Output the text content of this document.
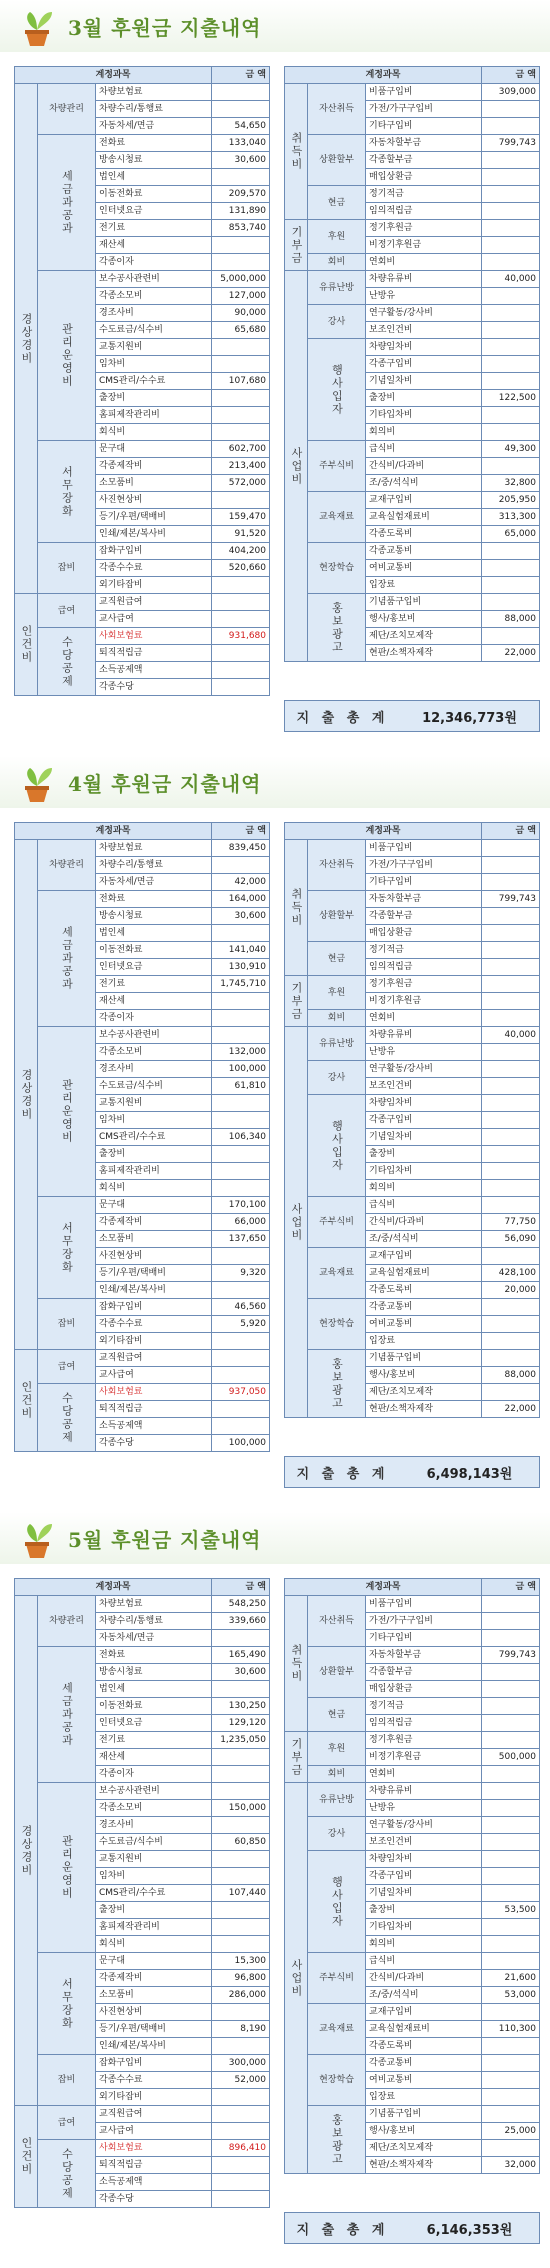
3월 후원금 지출내역
계정과목			금 액
경상경비	차량관리	차량보험료	
		차량수리/통행료	
		자동차세/면금	54,650
	세금과공과	전화료	133,040
		방송시청료	30,600
		법인세	
		이동전화료	209,570
		인터넷요금	131,890
		전기료	853,740
		재산세	
		각종이자	
	관리운영비	보수공사관련비	5,000,000
		각종소모비	127,000
		경조사비	90,000
		수도료금/식수비	65,680
		교통지원비	
		임차비	
		CMS관리/수수료	107,680
		출장비	
		홈피제작관리비	
		회식비	
	서무장화	문구대	602,700
		각종제작비	213,400
		소모품비	572,000
		사진현상비	
		등기/우편/택배비	159,470
		인쇄/제본/복사비	91,520
	잡비	잡화구입비	404,200
		각종수수료	520,660
		외기타잡비	
인건비	급여	교직원급여	
		교사급여	
	수당공제	사회보험료	931,680
		퇴직적립금	
		소득공제액	
		각종수당	
계정과목			금 액
취득비	자산취득	비품구입비	309,000
		가전/가구구입비	
		기타구입비	
	상환할부	자동차할부금	799,743
		각종할부금	
		매입상환금	
	현금	정기적금	
		임의적립금	
기부금	후원	정기후원금	
		비정기후원금	
	회비	연회비	
사업비	유류난방	차량유류비	40,000
		난방유	
	강사	연구활동/강사비	
		보조인건비	
	행사입자	차량임차비	
		각종구입비	
		기념일차비	
		출장비	122,500
		기타입차비	
		회의비	
	주부식비	급식비	49,300
		간식비/다과비	
		조/중/석식비	32,800
	교육재료	교재구입비	205,950
		교육실험재료비	313,300
		각종도록비	65,000
	현장학습	각종교통비	
		여비교통비	
		입장료	
	홍보광고	기념품구입비	
		행사/홍보비	88,000
		제단/조치모제작	
		현판/소책자제작	22,000
지 출 총 계	12,346,773원
4월 후원금 지출내역
계정과목			금 액
경상경비	차량관리	차량보험료	839,450
		차량수리/통행료	
		자동차세/면금	42,000
	세금과공과	전화료	164,000
		방송시청료	30,600
		법인세	
		이동전화료	141,040
		인터넷요금	130,910
		전기료	1,745,710
		재산세	
		각종이자	
	관리운영비	보수공사관련비	
		각종소모비	132,000
		경조사비	100,000
		수도료금/식수비	61,810
		교통지원비	
		임차비	
		CMS관리/수수료	106,340
		출장비	
		홈피제작관리비	
		회식비	
	서무장화	문구대	170,100
		각종제작비	66,000
		소모품비	137,650
		사진현상비	
		등기/우편/택배비	9,320
		인쇄/제본/복사비	
	잡비	잡화구입비	46,560
		각종수수료	5,920
		외기타잡비	
인건비	급여	교직원급여	
		교사급여	
	수당공제	사회보험료	937,050
		퇴직적립금	
		소득공제액	
		각종수당	100,000
계정과목			금 액
취득비	자산취득	비품구입비	
		가전/가구구입비	
		기타구입비	
	상환할부	자동차할부금	799,743
		각종할부금	
		매입상환금	
	현금	정기적금	
		임의적립금	
기부금	후원	정기후원금	
		비정기후원금	
	회비	연회비	
사업비	유류난방	차량유류비	40,000
		난방유	
	강사	연구활동/강사비	
		보조인건비	
	행사입자	차량임차비	
		각종구입비	
		기념일차비	
		출장비	
		기타입차비	
		회의비	
	주부식비	급식비	
		간식비/다과비	77,750
		조/중/석식비	56,090
	교육재료	교재구입비	
		교육실험재료비	428,100
		각종도록비	20,000
	현장학습	각종교통비	
		여비교통비	
		입장료	
	홍보광고	기념품구입비	
		행사/홍보비	88,000
		제단/조치모제작	
		현판/소책자제작	22,000
지 출 총 계	6,498,143원
5월 후원금 지출내역
계정과목			금 액
경상경비	차량관리	차량보험료	548,250
		차량수리/통행료	339,660
		자동차세/면금	
	세금과공과	전화료	165,490
		방송시청료	30,600
		법인세	
		이동전화료	130,250
		인터넷요금	129,120
		전기료	1,235,050
		재산세	
		각종이자	
	관리운영비	보수공사관련비	
		각종소모비	150,000
		경조사비	
		수도료금/식수비	60,850
		교통지원비	
		임차비	
		CMS관리/수수료	107,440
		출장비	
		홈피제작관리비	
		회식비	
	서무장화	문구대	15,300
		각종제작비	96,800
		소모품비	286,000
		사진현상비	
		등기/우편/택배비	8,190
		인쇄/제본/복사비	
	잡비	잡화구입비	300,000
		각종수수료	52,000
		외기타잡비	
인건비	급여	교직원급여	
		교사급여	
	수당공제	사회보험료	896,410
		퇴직적립금	
		소득공제액	
		각종수당	
계정과목			금 액
취득비	자산취득	비품구입비	
		가전/가구구입비	
		기타구입비	
	상환할부	자동차할부금	799,743
		각종할부금	
		매입상환금	
	현금	정기적금	
		임의적립금	
기부금	후원	정기후원금	
		비정기후원금	500,000
	회비	연회비	
사업비	유류난방	차량유류비	
		난방유	
	강사	연구활동/강사비	
		보조인건비	
	행사입자	차량임차비	
		각종구입비	
		기념일차비	
		출장비	53,500
		기타입차비	
		회의비	
	주부식비	급식비	
		간식비/다과비	21,600
		조/중/석식비	53,000
	교육재료	교재구입비	
		교육실험재료비	110,300
		각종도록비	
	현장학습	각종교통비	
		여비교통비	
		입장료	
	홍보광고	기념품구입비	
		행사/홍보비	25,000
		제단/조치모제작	
		현판/소책자제작	32,000
지 출 총 계	6,146,353원
